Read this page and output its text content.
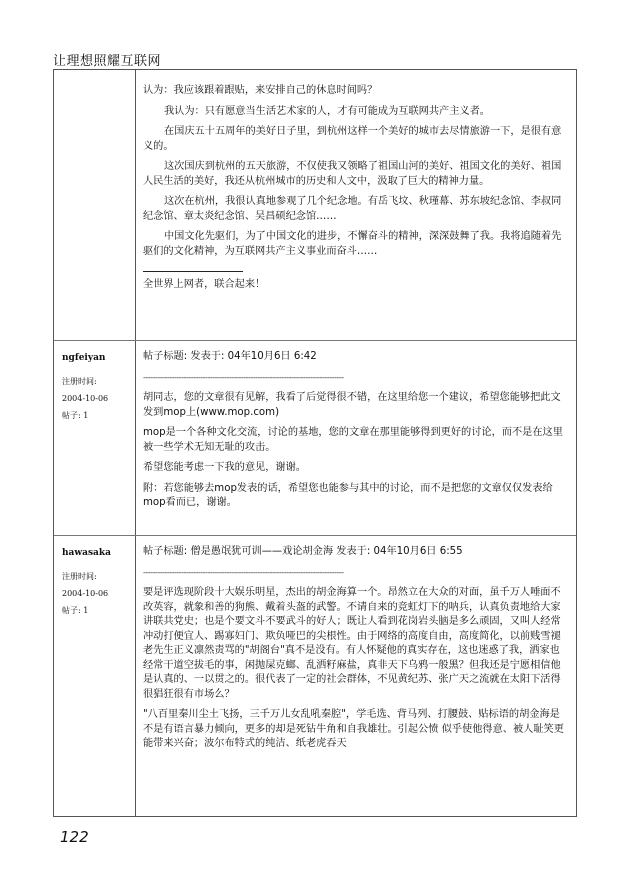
让理想照耀互联网

认为：我应该跟着跟贴，来安排自己的休息时间吗？

我认为：只有愿意当生活艺术家的人，才有可能成为互联网共产主义者。

在国庆五十五周年的美好日子里，到杭州这样一个美好的城市去尽情旅游一下，是很有意义的。

这次国庆到杭州的五天旅游，不仅使我又领略了祖国山河的美好、祖国文化的美好、祖国人民生活的美好，我还从杭州城市的历史和人文中，汲取了巨大的精神力量。

这次在杭州，我很认真地参观了几个纪念地。有岳飞坟、秋瑾幕、苏东坡纪念馆、李叔同纪念馆、章太炎纪念馆、吴昌硕纪念馆……

中国文化先驱们，为了中国文化的进步，不懈奋斗的精神，深深鼓舞了我。我将追随着先驱们的文化精神，为互联网共产主义事业而奋斗……

全世界上网者，联合起来！

ngfeiyan
注册时间:
2004-10-06
帖子: 1

帖子标题: 发表于: 04年10月6日 6:42

------------------------------------------------------------------------------------

胡同志，您的文章很有见解，我看了后觉得很不错，在这里给您一个建议，希望您能够把此文发到mop上(www.mop.com)

mop是一个各种文化交流，讨论的基地，您的文章在那里能够得到更好的讨论，而不是在这里被一些学术无知无耻的攻击。

希望您能考虑一下我的意见，谢谢。

附：若您能够去mop发表的话，希望您也能参与其中的讨论，而不是把您的文章仅仅发表给mop看而已，谢谢。

hawasaka
注册时间:
2004-10-06
帖子: 1

帖子标题: 僧是愚氓犹可训——戏论胡金海 发表于: 04年10月6日 6:55

------------------------------------------------------------------------------------

要是评选现阶段十大娱乐明星，杰出的胡金海算一个。昂然立在大众的对面，虽千万人唾面不改英容，就象和善的狗熊、戴着头盔的武警。不请自来的竞虹灯下的呐兵，认真负责地给大家讲联共党史；也是个要文斗不要武斗的好人；既让人看到花岗岩头脑是多么顽固，又叫人经常冲动打便宜人、踢寡妇门、欺负哑巴的尖根性。由于网络的高度自由，高度简化，以前贱雪褪老先生正义凛然责骂的"胡阁台"真不是没有。有人怀疑他的真实存在，这也迷惑了我，洒家也经常干道空拔毛的事，闲抛屎克螂、乱洒籽麻盐，真非天下乌鸦一般黑？但我还是宁愿相信他是认真的、一以贯之的。很代表了一定的社会群体，不见黄纪苏、张广天之流就在太阳下活得很猖狂很有市场么？

"八百里秦川尘土飞扬，三千万儿女乱吼秦腔"，学毛选、背马列、打腰鼓、贴标语的胡金海是不是有语言暴力倾向，更多的却是死钻牛角和自我雄壮。引起公愤 似乎使他得意、被人耻笑更能带来兴奋；波尔布特式的纯洁、纸老虎吞天

122
